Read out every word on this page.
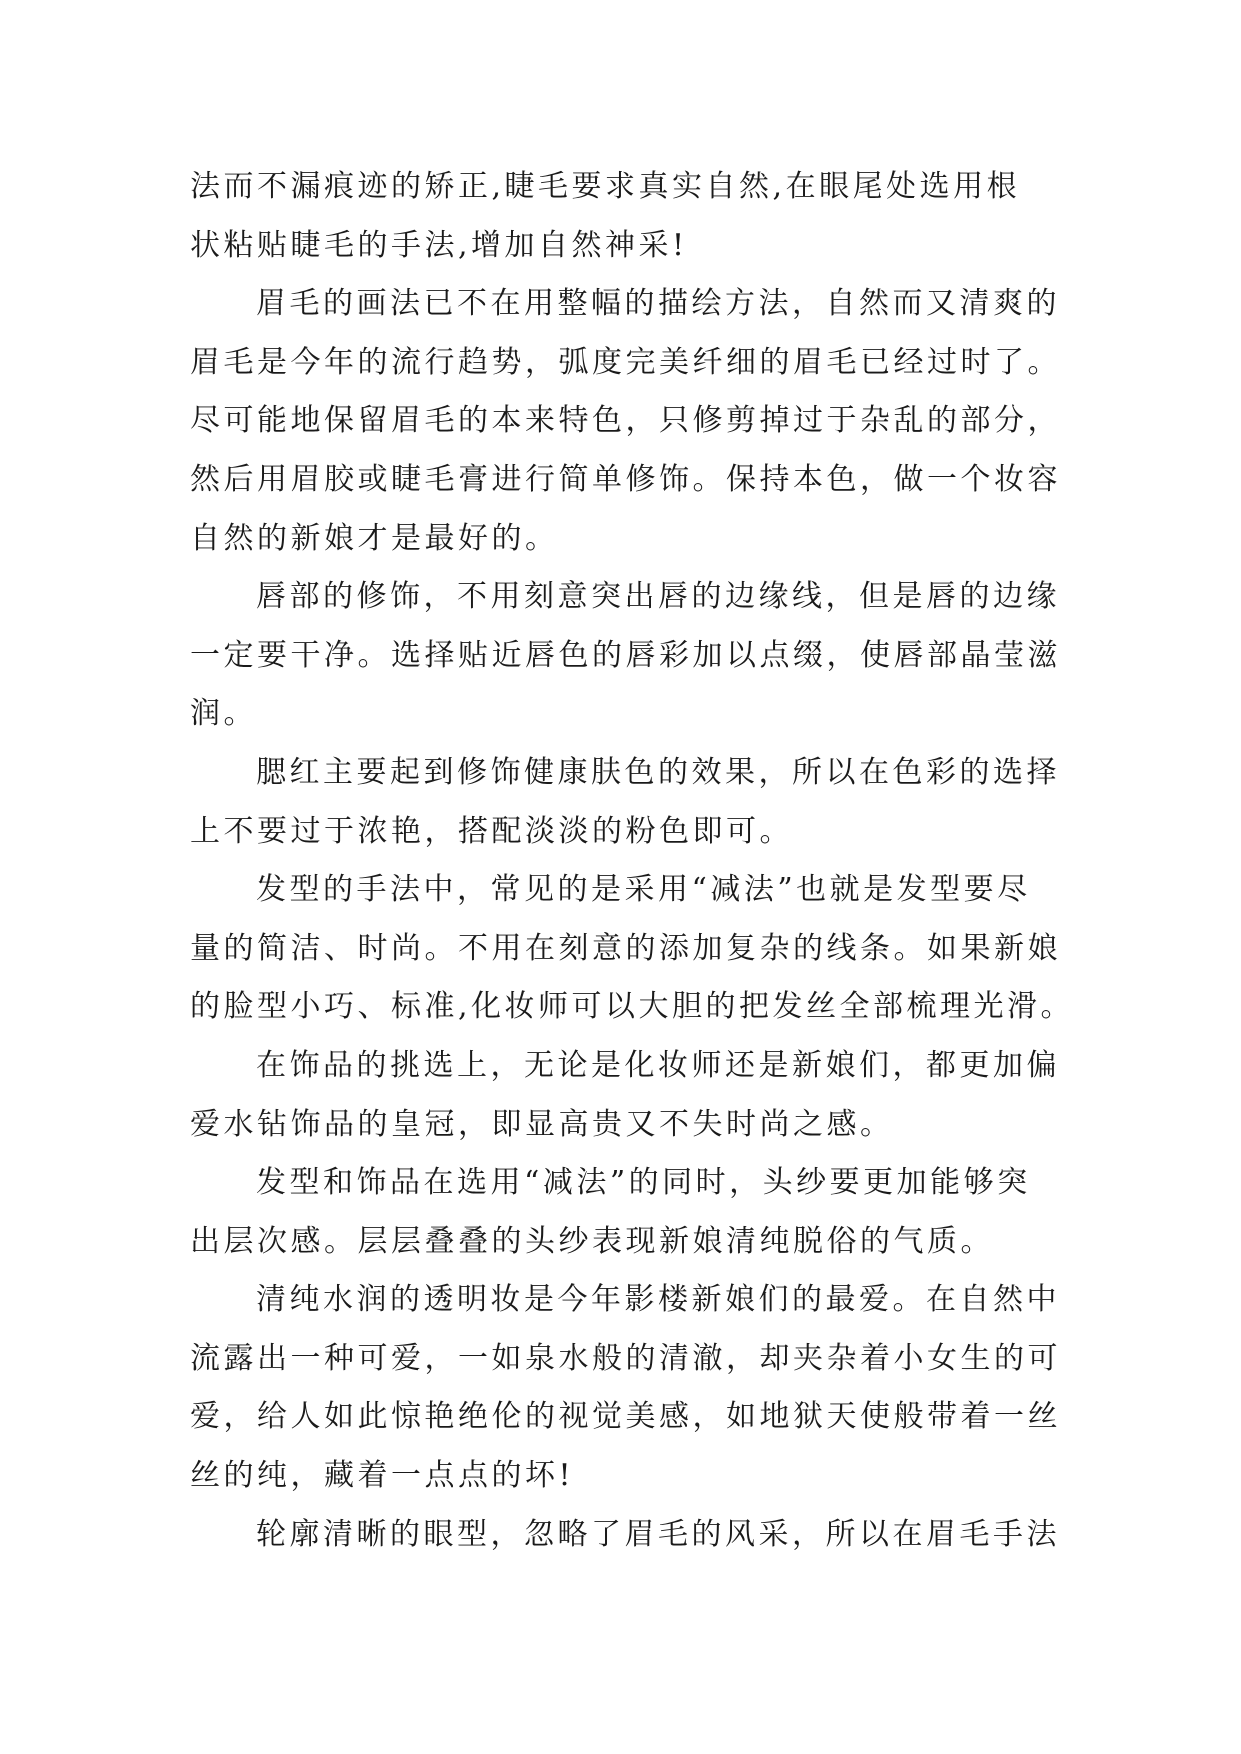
法而不漏痕迹的矫正,睫毛要求真实自然,在眼尾处选用根
状粘贴睫毛的手法,增加自然神采!
眉毛的画法已不在用整幅的描绘方法，自然而又清爽的
眉毛是今年的流行趋势，弧度完美纤细的眉毛已经过时了。
尽可能地保留眉毛的本来特色，只修剪掉过于杂乱的部分，
然后用眉胶或睫毛膏进行简单修饰。保持本色，做一个妆容
自然的新娘才是最好的。
唇部的修饰，不用刻意突出唇的边缘线，但是唇的边缘
一定要干净。选择贴近唇色的唇彩加以点缀，使唇部晶莹滋
润。
腮红主要起到修饰健康肤色的效果，所以在色彩的选择
上不要过于浓艳，搭配淡淡的粉色即可。
发型的手法中，常见的是采用“减法”也就是发型要尽
量的简洁、时尚。不用在刻意的添加复杂的线条。如果新娘
的脸型小巧、标准,化妆师可以大胆的把发丝全部梳理光滑。
在饰品的挑选上，无论是化妆师还是新娘们，都更加偏
爱水钻饰品的皇冠，即显高贵又不失时尚之感。
发型和饰品在选用“减法”的同时，头纱要更加能够突
出层次感。层层叠叠的头纱表现新娘清纯脱俗的气质。
清纯水润的透明妆是今年影楼新娘们的最爱。在自然中
流露出一种可爱，一如泉水般的清澈，却夹杂着小女生的可
爱，给人如此惊艳绝伦的视觉美感，如地狱天使般带着一丝
丝的纯，藏着一点点的坏!
轮廓清晰的眼型，忽略了眉毛的风采，所以在眉毛手法
